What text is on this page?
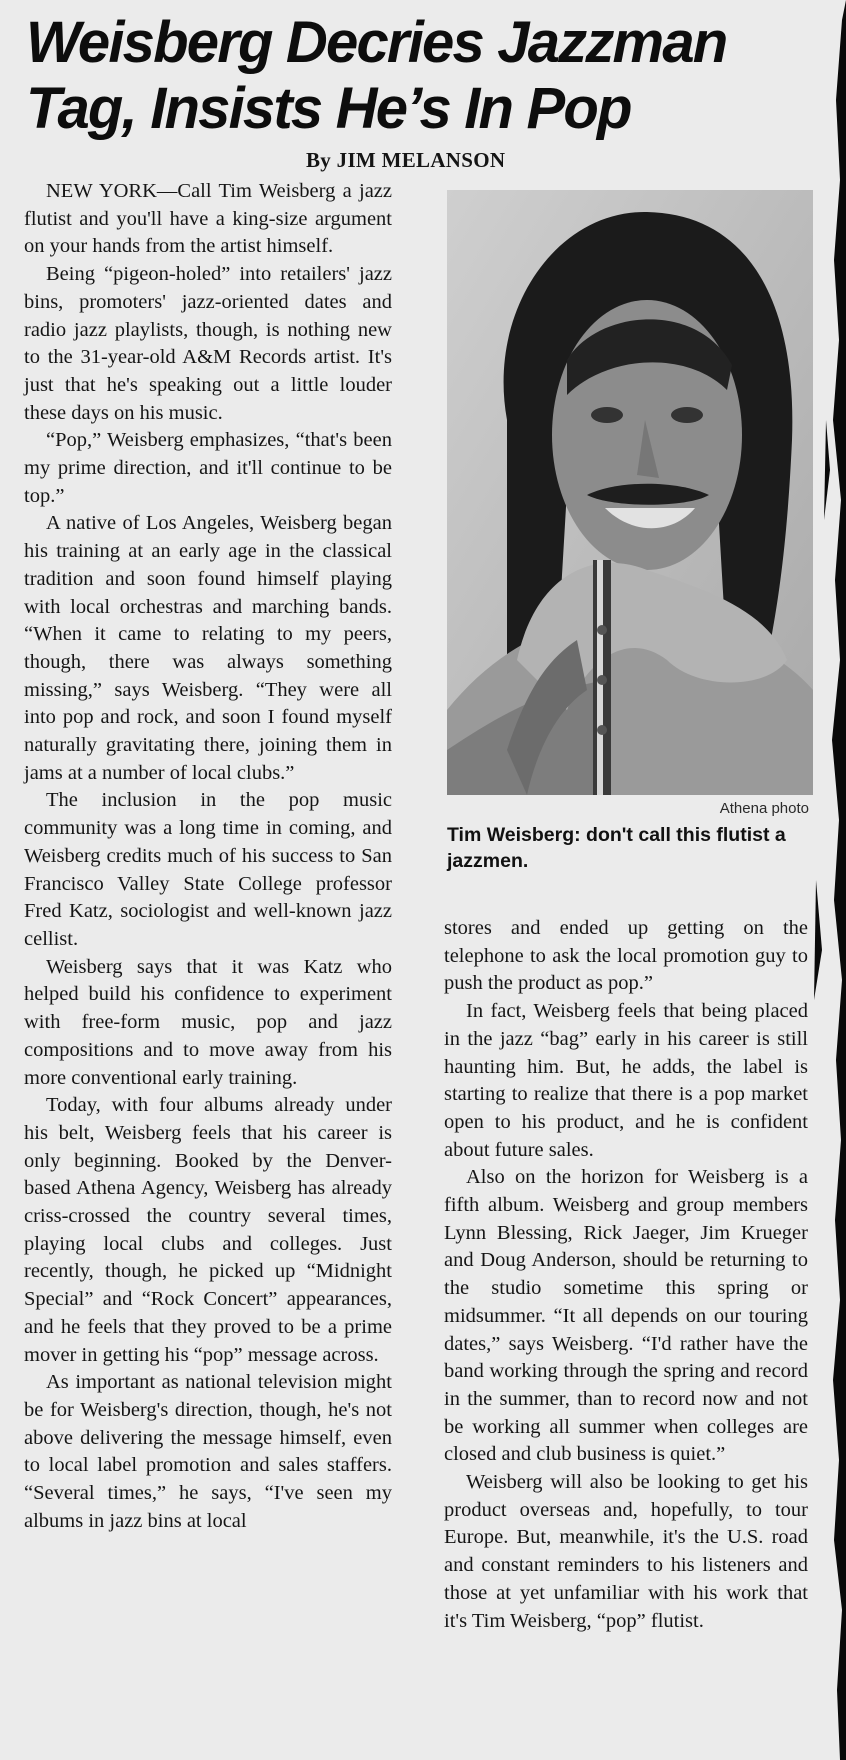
Weisberg Decries Jazzman
Tag, Insists He’s In Pop

By JIM MELANSON

NEW YORK—Call Tim Weisberg a jazz flutist and you'll have a king-size argument on your hands from the artist himself.

Being “pigeon-holed” into retailers' jazz bins, promoters' jazz-oriented dates and radio jazz playlists, though, is nothing new to the 31-year-old A&M Records artist. It's just that he's speaking out a little louder these days on his music.

“Pop,” Weisberg emphasizes, “that's been my prime direction, and it'll continue to be top.”

A native of Los Angeles, Weisberg began his training at an early age in the classical tradition and soon found himself playing with local orchestras and marching bands. “When it came to relating to my peers, though, there was always something missing,” says Weisberg. “They were all into pop and rock, and soon I found myself naturally gravitating there, joining them in jams at a number of local clubs.”

The inclusion in the pop music community was a long time in coming, and Weisberg credits much of his success to San Francisco Valley State College professor Fred Katz, sociologist and well-known jazz cellist.

Weisberg says that it was Katz who helped build his confidence to experiment with free-form music, pop and jazz compositions and to move away from his more conventional early training.

Today, with four albums already under his belt, Weisberg feels that his career is only beginning. Booked by the Denver-based Athena Agency, Weisberg has already criss-crossed the country several times, playing local clubs and colleges. Just recently, though, he picked up “Midnight Special” and “Rock Concert” appearances, and he feels that they proved to be a prime mover in getting his “pop” message across.

As important as national television might be for Weisberg's direction, though, he's not above delivering the message himself, even to local label promotion and sales staffers. “Several times,” he says, “I've seen my albums in jazz bins at local

Athena photo
Tim Weisberg: don't call this flutist a jazzmen.

stores and ended up getting on the telephone to ask the local promotion guy to push the product as pop.”

In fact, Weisberg feels that being placed in the jazz “bag” early in his career is still haunting him. But, he adds, the label is starting to realize that there is a pop market open to his product, and he is confident about future sales.

Also on the horizon for Weisberg is a fifth album. Weisberg and group members Lynn Blessing, Rick Jaeger, Jim Krueger and Doug Anderson, should be returning to the studio sometime this spring or midsummer. “It all depends on our touring dates,” says Weisberg. “I'd rather have the band working through the spring and record in the summer, than to record now and not be working all summer when colleges are closed and club business is quiet.”

Weisberg will also be looking to get his product overseas and, hopefully, to tour Europe. But, meanwhile, it's the U.S. road and constant reminders to his listeners and those at yet unfamiliar with his work that it's Tim Weisberg, “pop” flutist.
